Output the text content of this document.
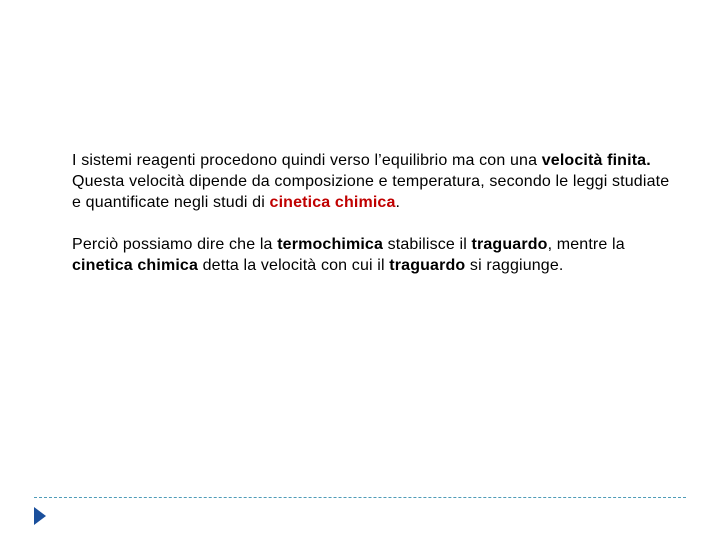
I sistemi reagenti procedono quindi verso l’equilibrio ma con una velocità finita. Questa velocità dipende da composizione e temperatura, secondo le leggi studiate e quantificate negli studi di cinetica chimica.

Perciò possiamo dire che la termochimica stabilisce il traguardo, mentre la cinetica chimica detta la velocità con cui il traguardo si raggiunge.
